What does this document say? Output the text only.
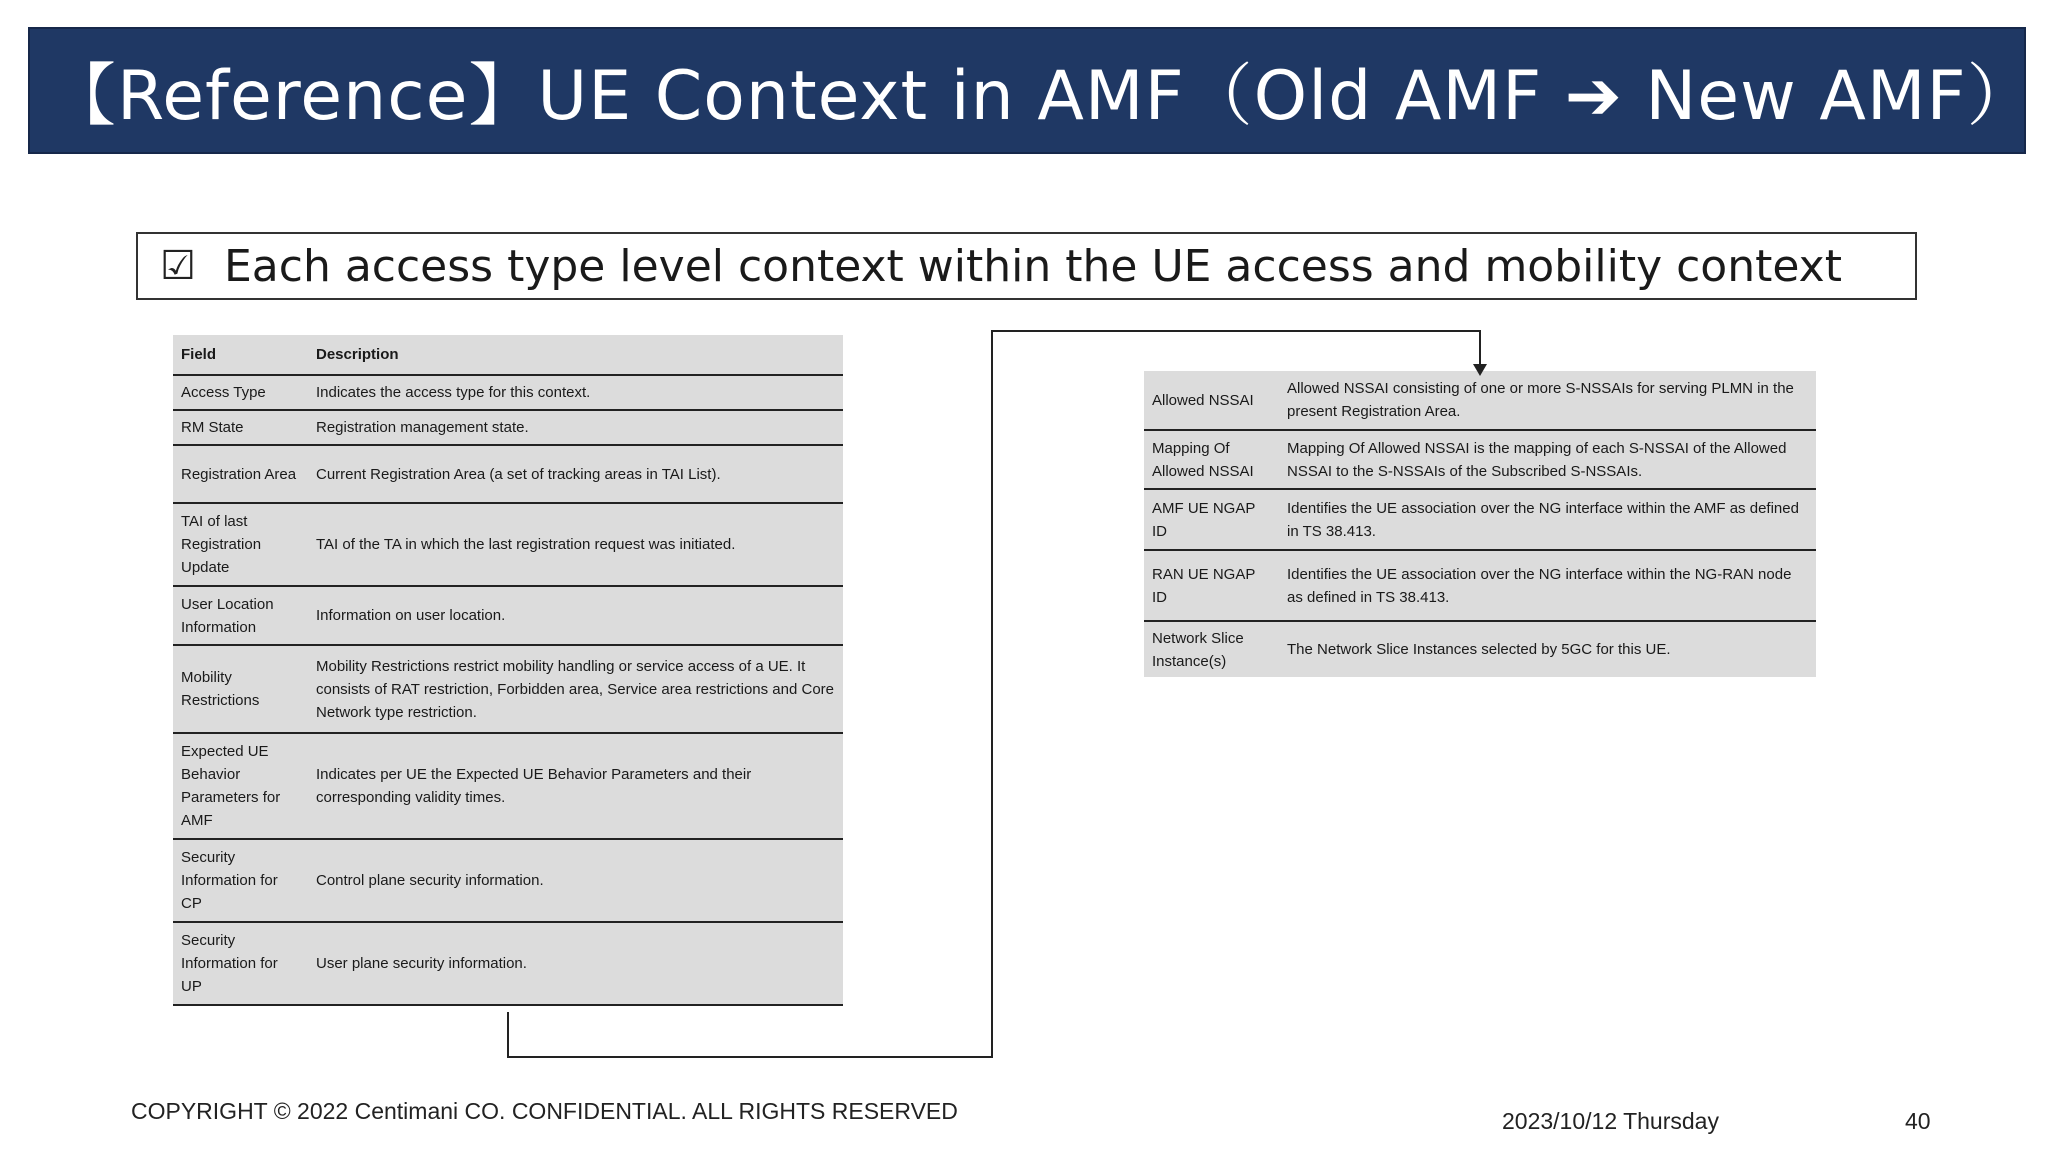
【Reference】UE Context in AMF（Old AMF ➔ New AMF）
☑ Each access type level context within the UE access and mobility context
Field	Description
Access Type	Indicates the access type for this context.
RM State	Registration management state.
Registration Area	Current Registration Area (a set of tracking areas in TAI List).
TAI of last Registration Update	TAI of the TA in which the last registration request was initiated.
User Location Information	Information on user location.
Mobility Restrictions	Mobility Restrictions restrict mobility handling or service access of a UE. It consists of RAT restriction, Forbidden area, Service area restrictions and Core Network type restriction.
Expected UE Behavior Parameters for AMF	Indicates per UE the Expected UE Behavior Parameters and their corresponding validity times.
Security Information for CP	Control plane security information.
Security Information for UP	User plane security information.
Allowed NSSAI	Allowed NSSAI consisting of one or more S-NSSAIs for serving PLMN in the present Registration Area.
Mapping Of Allowed NSSAI	Mapping Of Allowed NSSAI is the mapping of each S-NSSAI of the Allowed NSSAI to the S-NSSAIs of the Subscribed S-NSSAIs.
AMF UE NGAP ID	Identifies the UE association over the NG interface within the AMF as defined in TS 38.413.
RAN UE NGAP ID	Identifies the UE association over the NG interface within the NG-RAN node as defined in TS 38.413.
Network Slice Instance(s)	The Network Slice Instances selected by 5GC for this UE.
COPYRIGHT © 2022 Centimani CO. CONFIDENTIAL. ALL RIGHTS RESERVED	2023/10/12 Thursday	40
